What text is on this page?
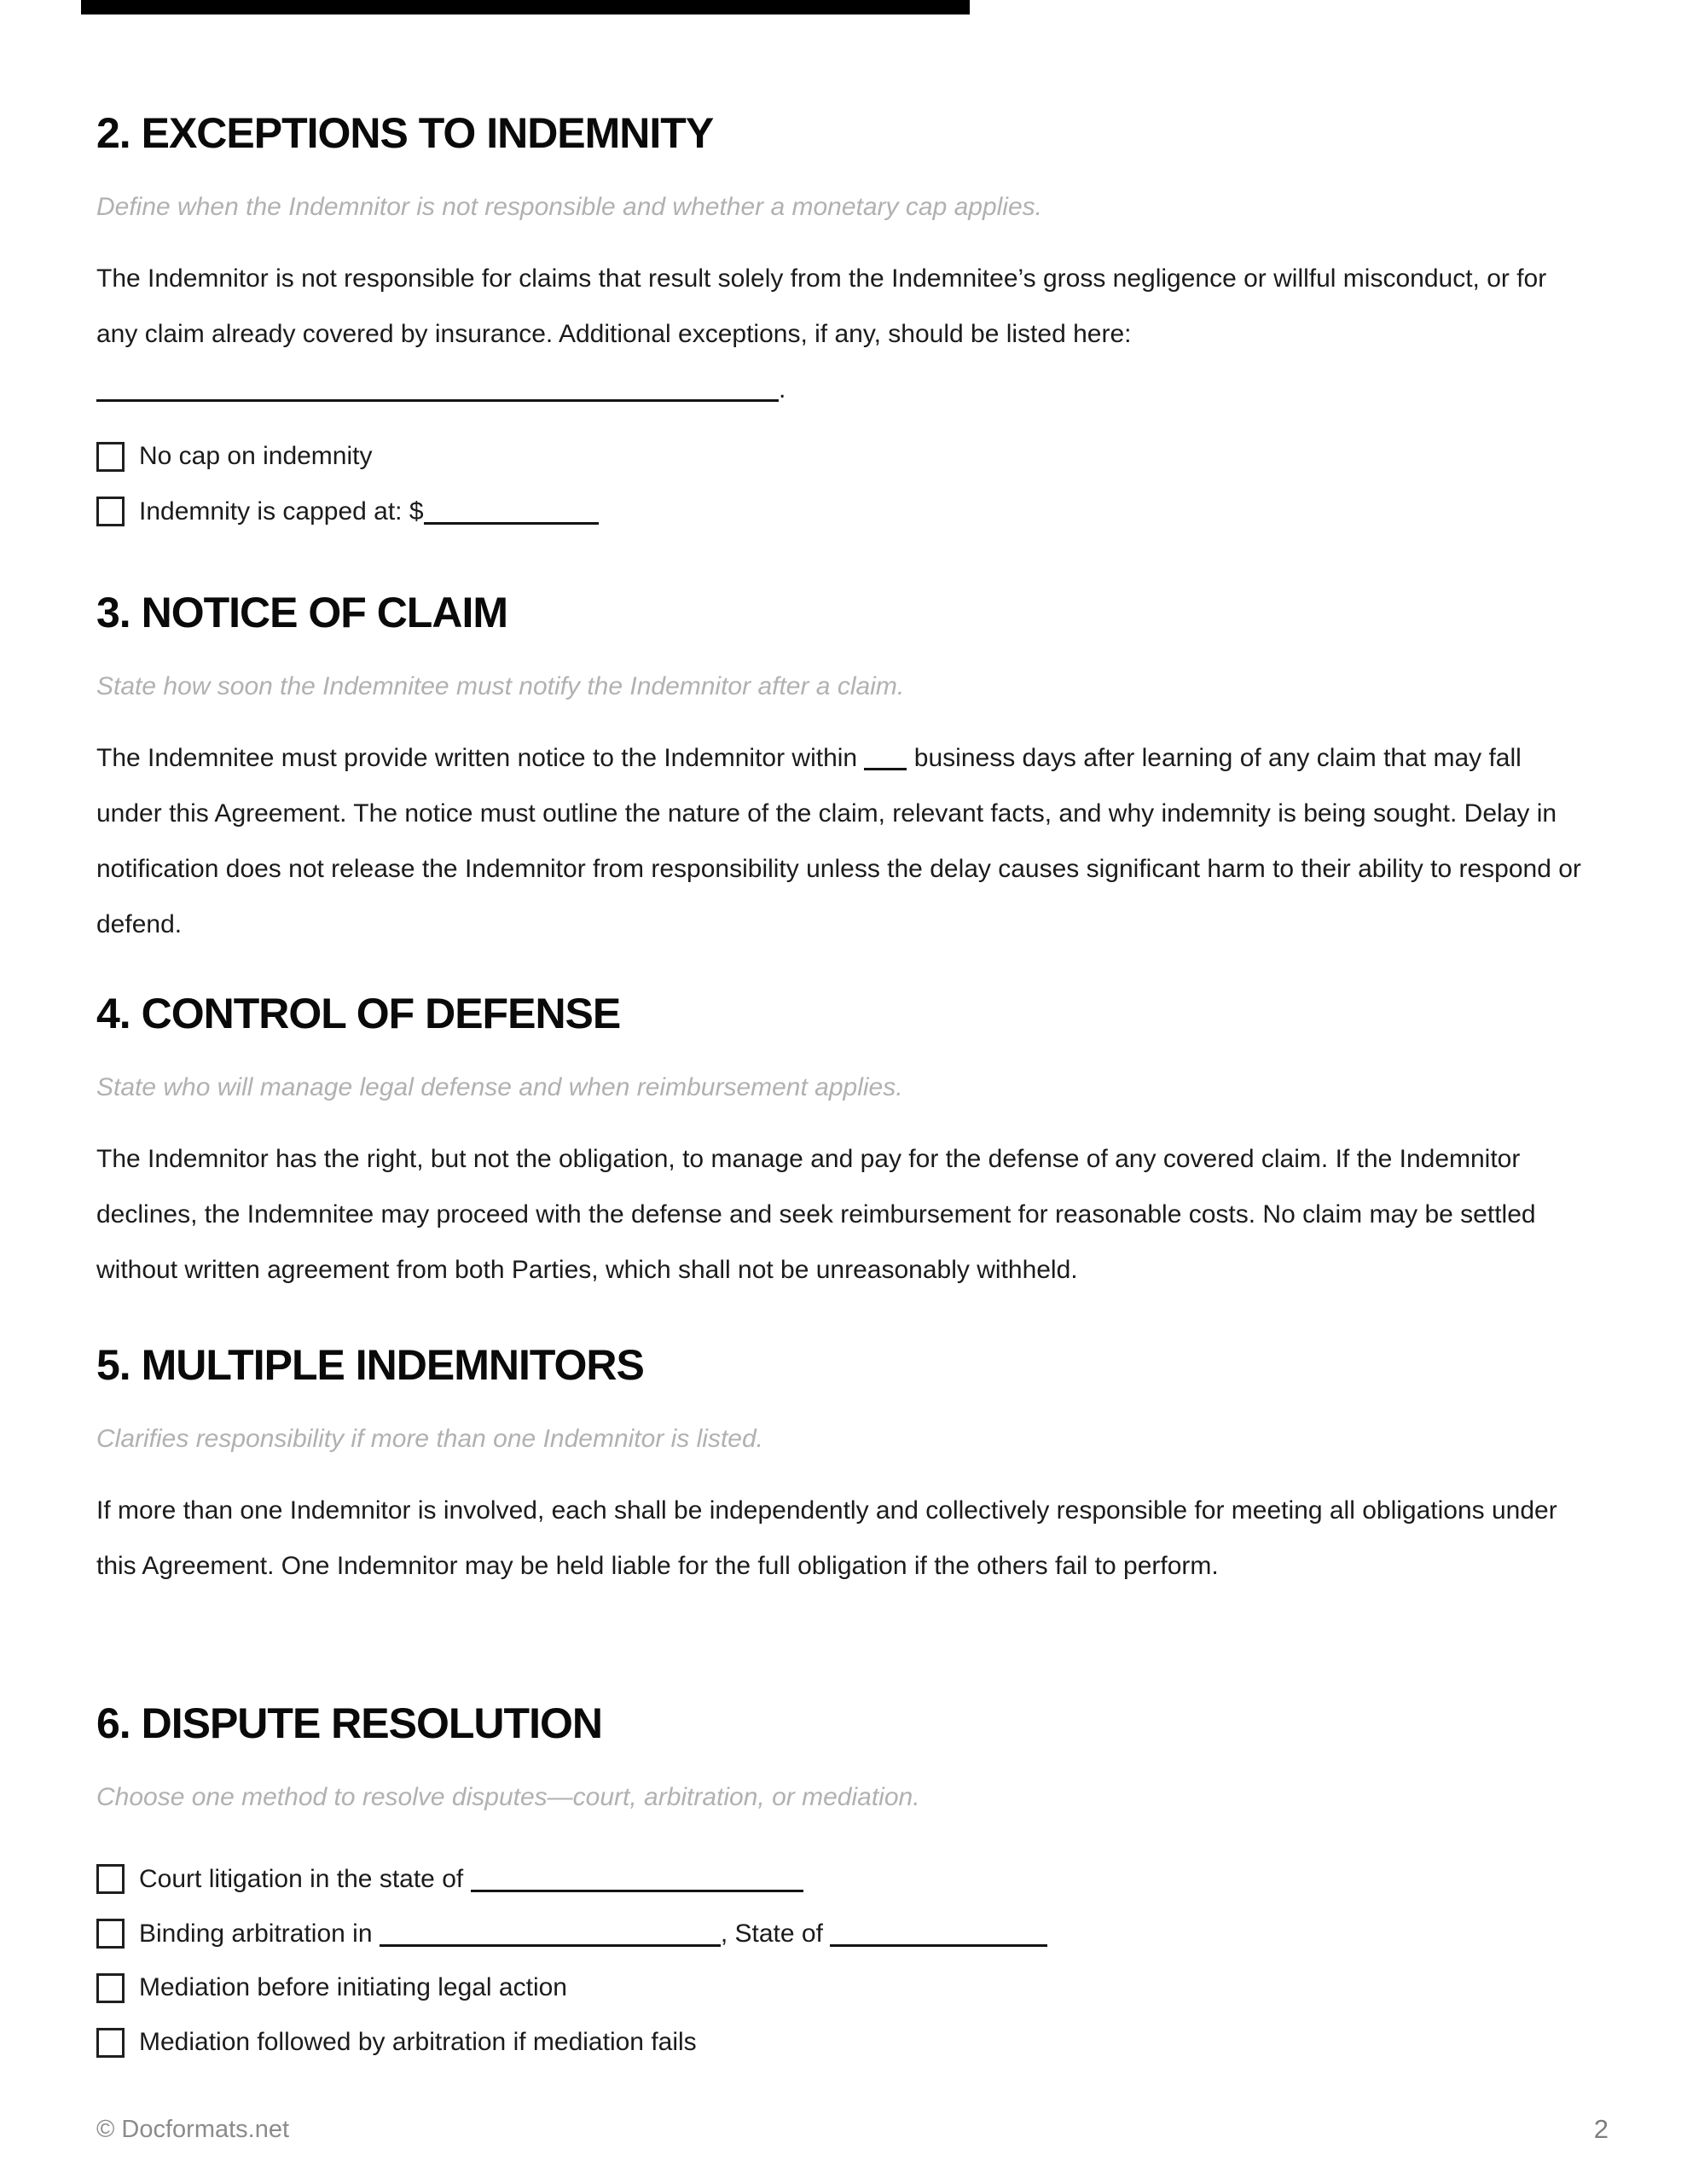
2. EXCEPTIONS TO INDEMNITY

Define when the Indemnitor is not responsible and whether a monetary cap applies.

The Indemnitor is not responsible for claims that result solely from the Indemnitee’s gross negligence or willful misconduct, or for any claim already covered by insurance. Additional exceptions, if any, should be listed here:
.

No cap on indemnity
Indemnity is capped at: $
3. NOTICE OF CLAIM

State how soon the Indemnitee must notify the Indemnitor after a claim.

The Indemnitee must provide written notice to the Indemnitor within  business days after learning of any claim that may fall under this Agreement. The notice must outline the nature of the claim, relevant facts, and why indemnity is being sought. Delay in notification does not release the Indemnitor from responsibility unless the delay causes significant harm to their ability to respond or defend.

4. CONTROL OF DEFENSE

State who will manage legal defense and when reimbursement applies.

The Indemnitor has the right, but not the obligation, to manage and pay for the defense of any covered claim. If the Indemnitor declines, the Indemnitee may proceed with the defense and seek reimbursement for reasonable costs. No claim may be settled without written agreement from both Parties, which shall not be unreasonably withheld.

5. MULTIPLE INDEMNITORS

Clarifies responsibility if more than one Indemnitor is listed.

If more than one Indemnitor is involved, each shall be independently and collectively responsible for meeting all obligations under this Agreement. One Indemnitor may be held liable for the full obligation if the others fail to perform.

6. DISPUTE RESOLUTION

Choose one method to resolve disputes—court, arbitration, or mediation.

Court litigation in the state of
Binding arbitration in	, State of
Mediation before initiating legal action
Mediation followed by arbitration if mediation fails
© Docformats.net	2
